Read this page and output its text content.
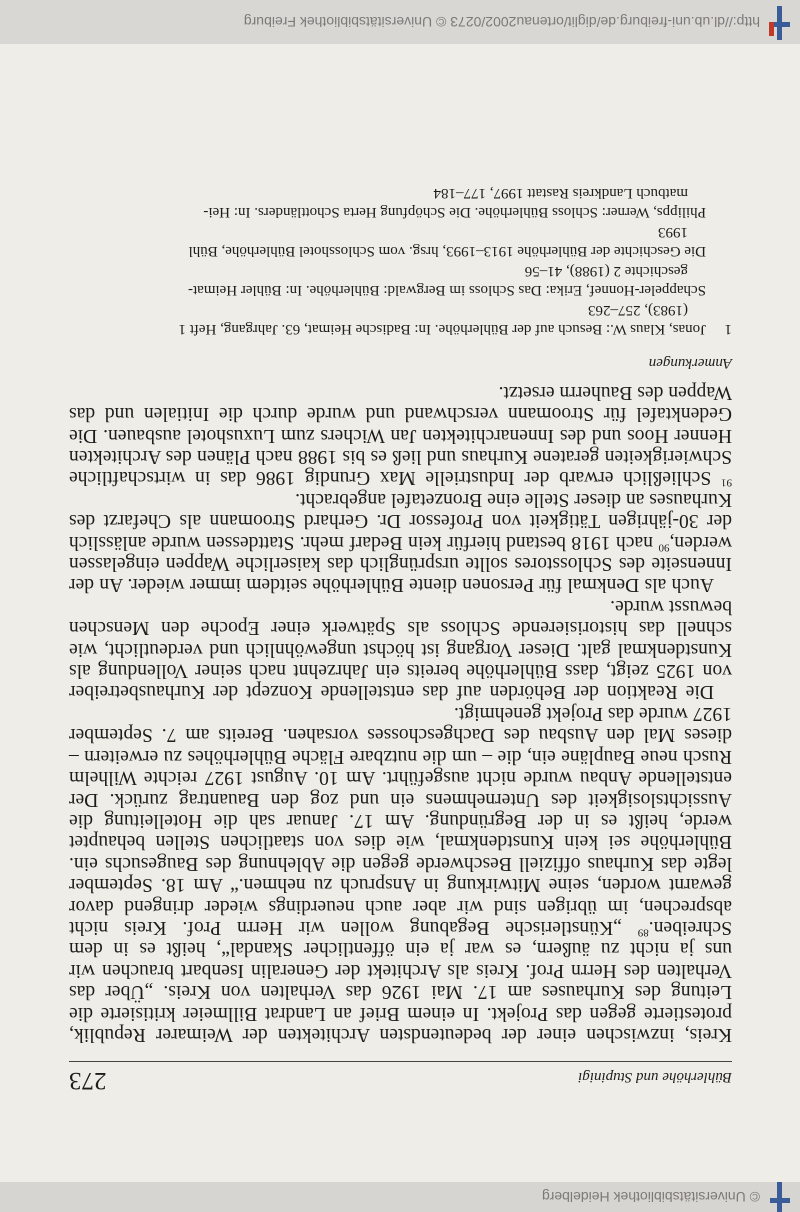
© Universitätsbibliothek Heidelberg
Bühlerhöhe und Stupinigi
273

Kreis, inzwischen einer der bedeutendsten Architekten der Weimarer Republik, protestierte gegen das Projekt. In einem Brief an Landrat Billmeier kritisierte die Leitung des Kurhauses am 17. Mai 1926 das Verhalten von Kreis. „Über das Verhalten des Herrn Prof. Kreis als Architekt der Generalin Isenbart brauchen wir uns ja nicht zu äußern, es war ja ein öffentlicher Skandal“, heißt es in dem Schreiben.$^{89}$ „Künstlerische Begabung wollen wir Herrn Prof. Kreis nicht absprechen, im übrigen sind wir aber auch neuerdings wieder dringend davor gewarnt worden, seine Mitwirkung in Anspruch zu nehmen.“ Am 18. September legte das Kurhaus offiziell Beschwerde gegen die Ablehnung des Baugesuchs ein. Bühlerhöhe sei kein Kunstdenkmal, wie dies von staatlichen Stellen behauptet werde, heißt es in der Begründung. Am 17. Januar sah die Hotelleitung die Aussichtslosigkeit des Unternehmens ein und zog den Bauantrag zurück. Der entstellende Anbau wurde nicht ausgeführt. Am 10. August 1927 reichte Wilhelm Rusch neue Baupläne ein, die – um die nutzbare Fläche Bühlerhöhes zu erweitern – dieses Mal den Ausbau des Dachgeschosses vorsahen. Bereits am 7. September 1927 wurde das Projekt genehmigt.

Die Reaktion der Behörden auf das entstellende Konzept der Kurhausbetreiber von 1925 zeigt, dass Bühlerhöhe bereits ein Jahrzehnt nach seiner Vollendung als Kunstdenkmal galt. Dieser Vorgang ist höchst ungewöhnlich und verdeutlicht, wie schnell das historisierende Schloss als Spätwerk einer Epoche den Menschen bewusst wurde.

Auch als Denkmal für Personen diente Bühlerhöhe seitdem immer wieder. An der Innenseite des Schlosstores sollte ursprünglich das kaiserliche Wappen eingelassen werden,$^{90}$ nach 1918 bestand hierfür kein Bedarf mehr. Stattdessen wurde anlässlich der 30-jährigen Tätigkeit von Professor Dr. Gerhard Stroomann als Chefarzt des Kurhauses an dieser Stelle eine Bronzetafel angebracht.

$^{91}$ Schließlich erwarb der Industrielle Max Grundig 1986 das in wirtschaftliche Schwierigkeiten geratene Kurhaus und ließ es bis 1988 nach Plänen des Architekten Henner Hoos und des Innenarchitekten Jan Wichers zum Luxushotel ausbauen. Die Gedenktafel für Stroomann verschwand und wurde durch die Initialen und das Wappen des Bauherrn ersetzt.

Anmerkungen
1
Jonas, Klaus W.: Besuch auf der Bühlerhöhe. In: Badische Heimat, 63. Jahrgang, Heft 1
(1983), 257–263
Schappeler-Honnef, Erika: Das Schloss im Bergwald: Bühlerhöhe. In: Bühler Heimat-
geschichte 2 (1988), 41–56
Die Geschichte der Bühlerhöhe 1913–1993, hrsg. vom Schlosshotel Bühlerhöhe, Bühl
1993
Philipps, Werner: Schloss Bühlerhöhe. Die Schöpfung Herta Schottländers. In: Hei-
matbuch Landkreis Rastatt 1997, 177–184
http://dl.ub.uni-freiburg.de/diglit/ortenau2002/0273 © Universitätsbibliothek Freiburg
